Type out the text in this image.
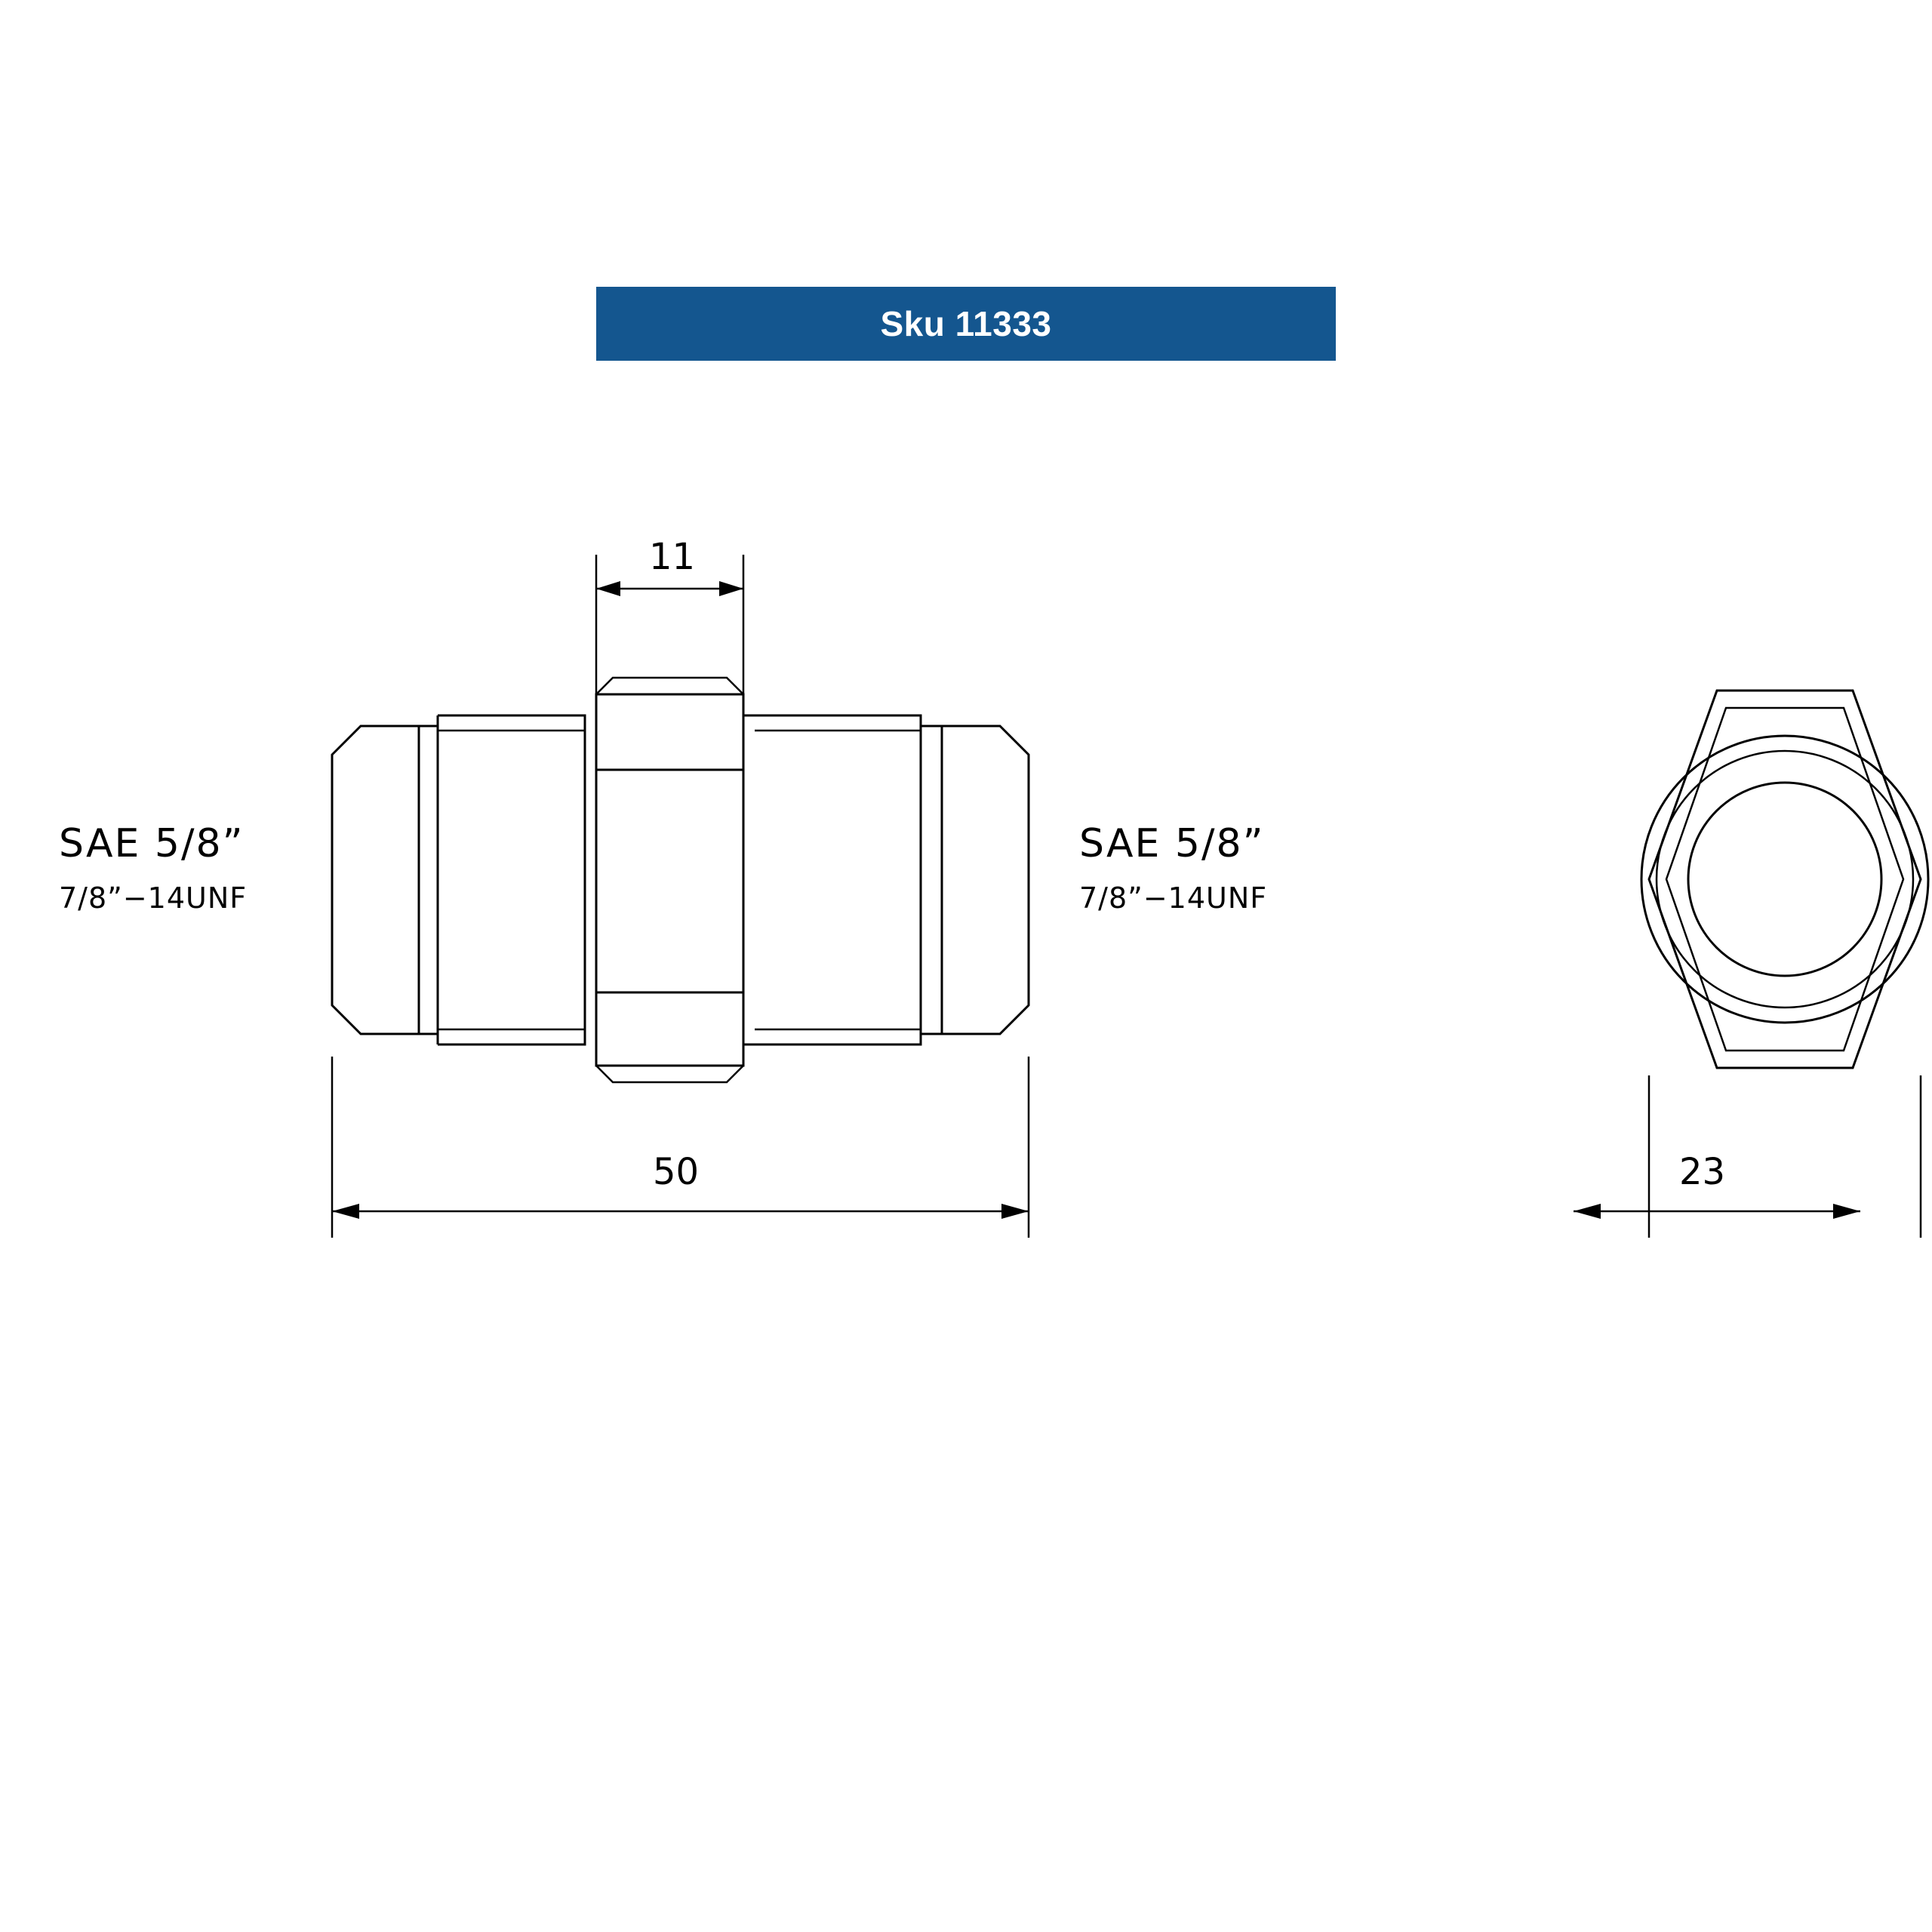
Sku 11333
11
50	23
SAE 5/8”
7/8”−14UNF
SAE 5/8”
7/8”−14UNF
